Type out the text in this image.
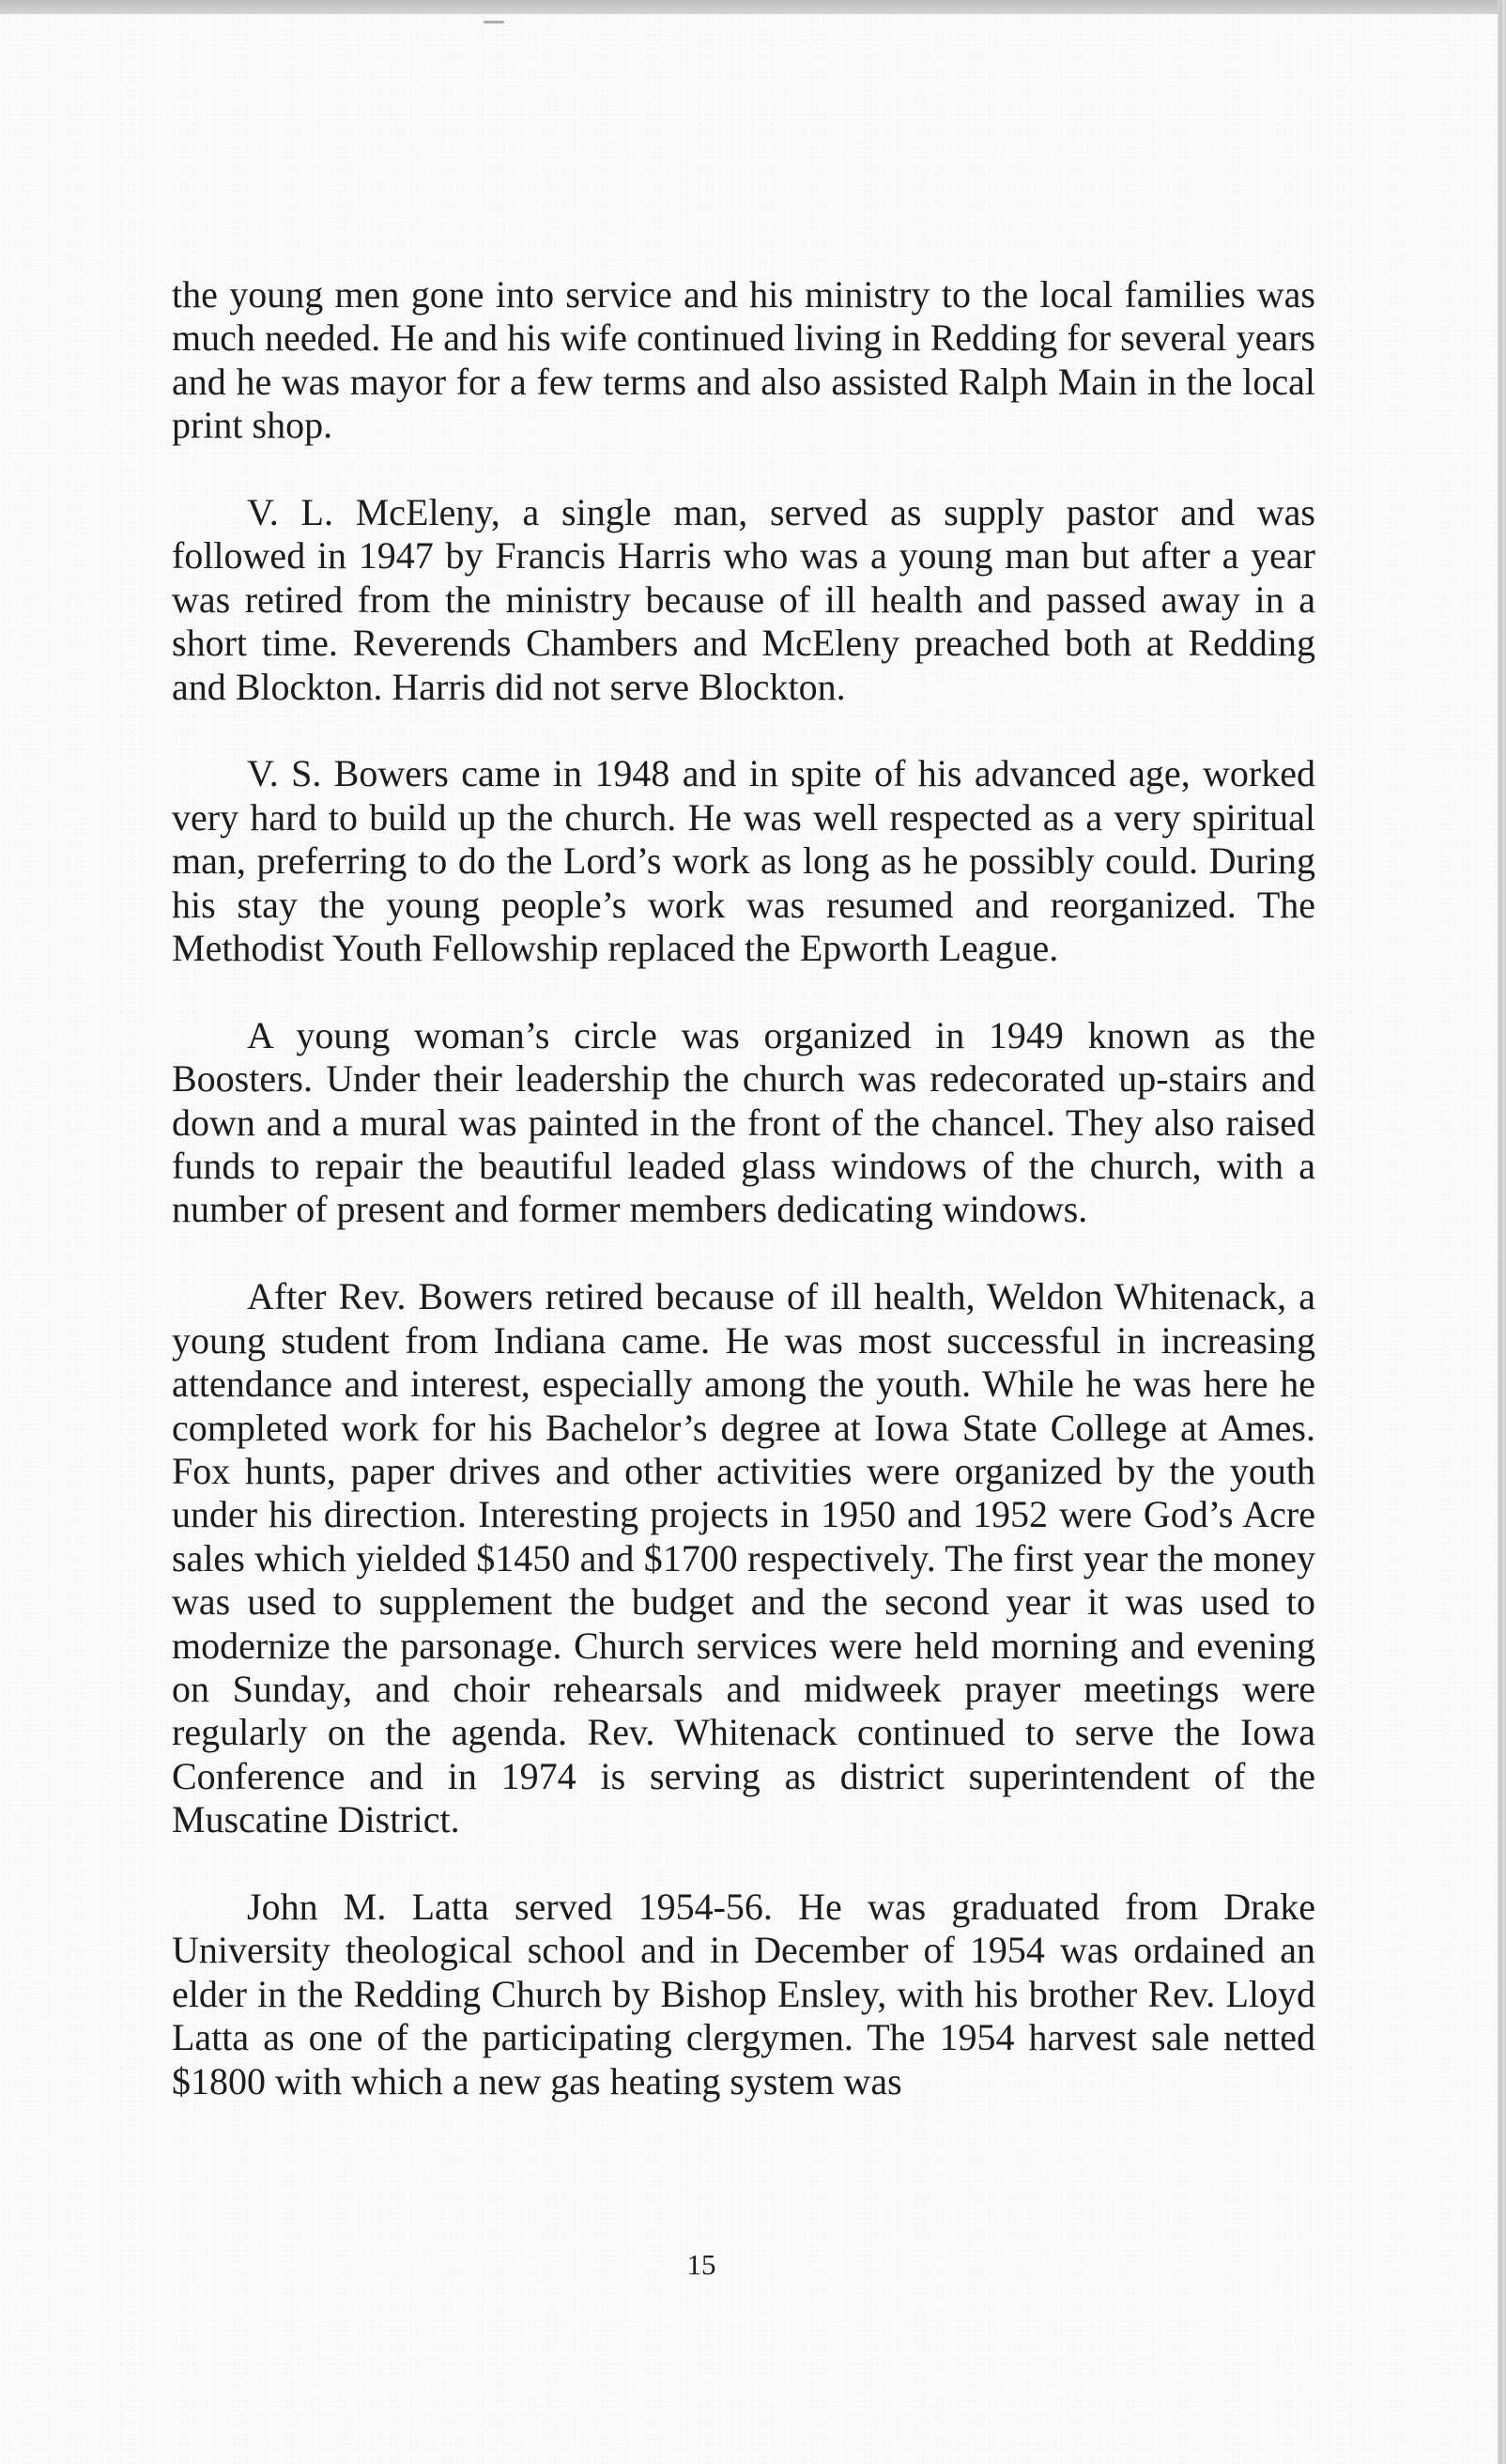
the young men gone into service and his ministry to the local families was much needed. He and his wife continued living in Redding for several years and he was mayor for a few terms and also assisted Ralph Main in the local print shop.

V. L. McEleny, a single man, served as supply pastor and was followed in 1947 by Francis Harris who was a young man but after a year was retired from the ministry because of ill health and passed away in a short time. Reverends Chambers and McEleny preached both at Redding and Blockton. Harris did not serve Blockton.

V. S. Bowers came in 1948 and in spite of his advanced age, worked very hard to build up the church. He was well respected as a very spiritual man, preferring to do the Lord’s work as long as he possibly could. During his stay the young people’s work was resumed and reorganized. The Methodist Youth Fellowship replaced the Epworth League.

A young woman’s circle was organized in 1949 known as the Boosters. Under their leadership the church was redecorated up-stairs and down and a mural was painted in the front of the chancel. They also raised funds to repair the beautiful leaded glass windows of the church, with a number of present and former members dedicating windows.

After Rev. Bowers retired because of ill health, Weldon Whitenack, a young student from Indiana came. He was most successful in increasing attendance and interest, especially among the youth. While he was here he completed work for his Bachelor’s degree at Iowa State College at Ames. Fox hunts, paper drives and other activities were organized by the youth under his direction. Interesting projects in 1950 and 1952 were God’s Acre sales which yielded $1450 and $1700 respectively. The first year the money was used to supplement the budget and the second year it was used to modernize the parsonage. Church services were held morning and evening on Sunday, and choir rehearsals and midweek prayer meetings were regularly on the agenda. Rev. Whitenack continued to serve the Iowa Conference and in 1974 is serving as district superintendent of the Muscatine District.

John M. Latta served 1954-56. He was graduated from Drake University theological school and in December of 1954 was ordained an elder in the Redding Church by Bishop Ensley, with his brother Rev. Lloyd Latta as one of the participating clergymen. The 1954 harvest sale netted $1800 with which a new gas heating system was

15
